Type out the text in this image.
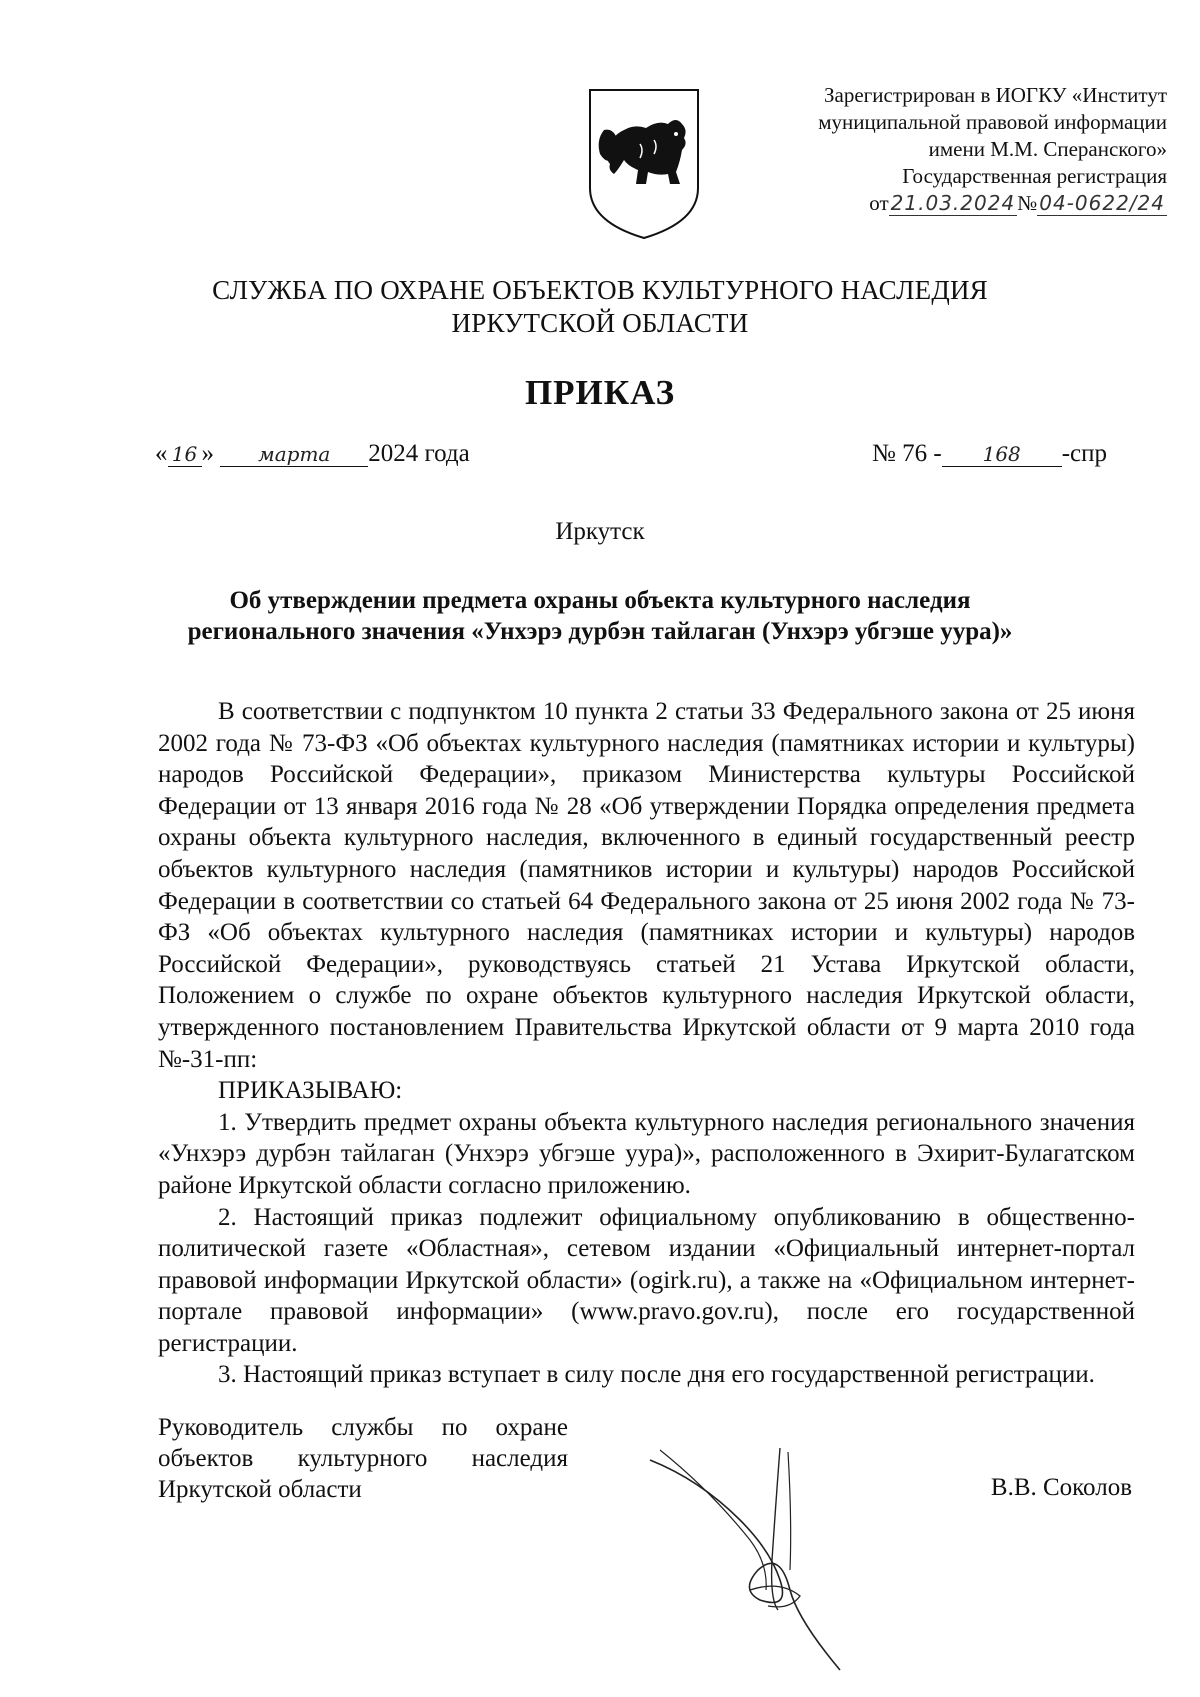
Зарегистрирован в ИОГКУ «Институт
муниципальной правовой информации
имени М.М. Сперанского»
Государственная регистрация
от 21.03.2024№ 04-0622/24
СЛУЖБА ПО ОХРАНЕ ОБЪЕКТОВ КУЛЬТУРНОГО НАСЛЕДИЯ
ИРКУТСКОЙ ОБЛАСТИ
ПРИКАЗ
« 16 » марта 2024 года	№ 76 - 168 -спр
Иркутск
Об утверждении предмета охраны объекта культурного наследия
регионального значения «Унхэрэ дурбэн тайлаган (Унхэрэ убгэше уура)»

В соответствии с подпунктом 10 пункта 2 статьи 33 Федерального закона от 25 июня 2002 года № 73-ФЗ «Об объектах культурного наследия (памятниках истории и культуры) народов Российской Федерации», приказом Министерства культуры Российской Федерации от 13 января 2016 года № 28 «Об утверждении Порядка определения предмета охраны объекта культурного наследия, включенного в единый государственный реестр объектов культурного наследия (памятников истории и культуры) народов Российской Федерации в соответствии со статьей 64 Федерального закона от 25 июня 2002 года № 73-ФЗ «Об объектах культурного наследия (памятниках истории и культуры) народов Российской Федерации», руководствуясь статьей 21 Устава Иркутской области, Положением о службе по охране объектов культурного наследия Иркутской области, утвержденного постановлением Правительства Иркутской области от 9 марта 2010 года №-31-пп:

ПРИКАЗЫВАЮ:

1. Утвердить предмет охраны объекта культурного наследия регионального значения «Унхэрэ дурбэн тайлаган (Унхэрэ убгэше уура)», расположенного в Эхирит-Булагатском районе Иркутской области согласно приложению.

2. Настоящий приказ подлежит официальному опубликованию в общественно-политической газете «Областная», сетевом издании «Официальный интернет-портал правовой информации Иркутской области» (ogirk.ru), а также на «Официальном интернет-портале правовой информации» (www.pravo.gov.ru), после его государственной регистрации.

3. Настоящий приказ вступает в силу после дня его государственной регистрации.

Руководитель службы по охране
объектов культурного наследия
Иркутской области	В.В. Соколов
